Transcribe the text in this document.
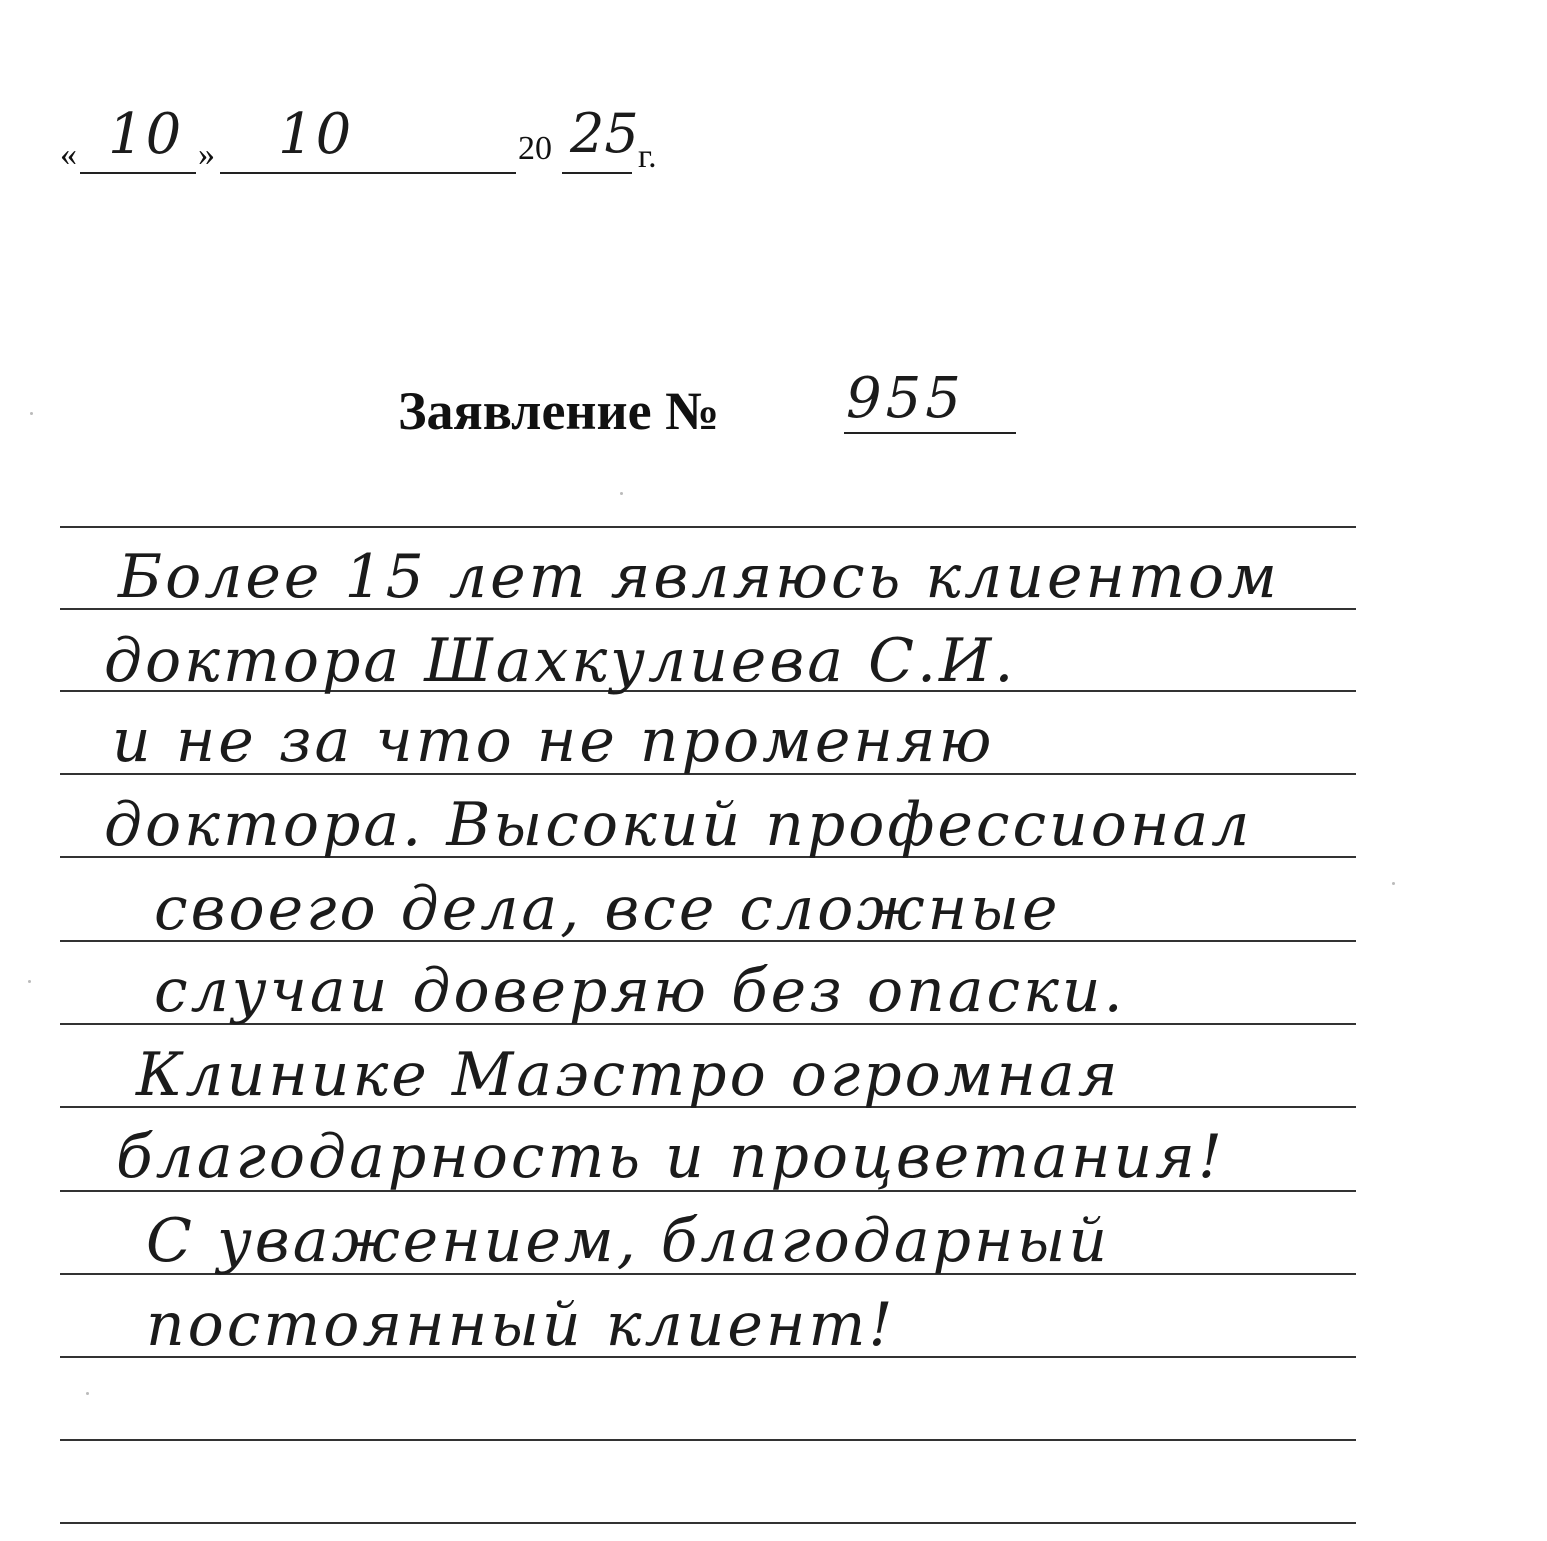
« 10 » 10	20 25 г.
Заявление № 955
Более 15 лет являюсь клиентом
доктора Шахкулиева С.И.
и не за что не променяю
доктора. Высокий профессионал
своего дела, все сложные
случаи доверяю без опаски.
Клинике Маэстро огромная
благодарность и процветания!
С уважением, благодарный
постоянный клиент!
